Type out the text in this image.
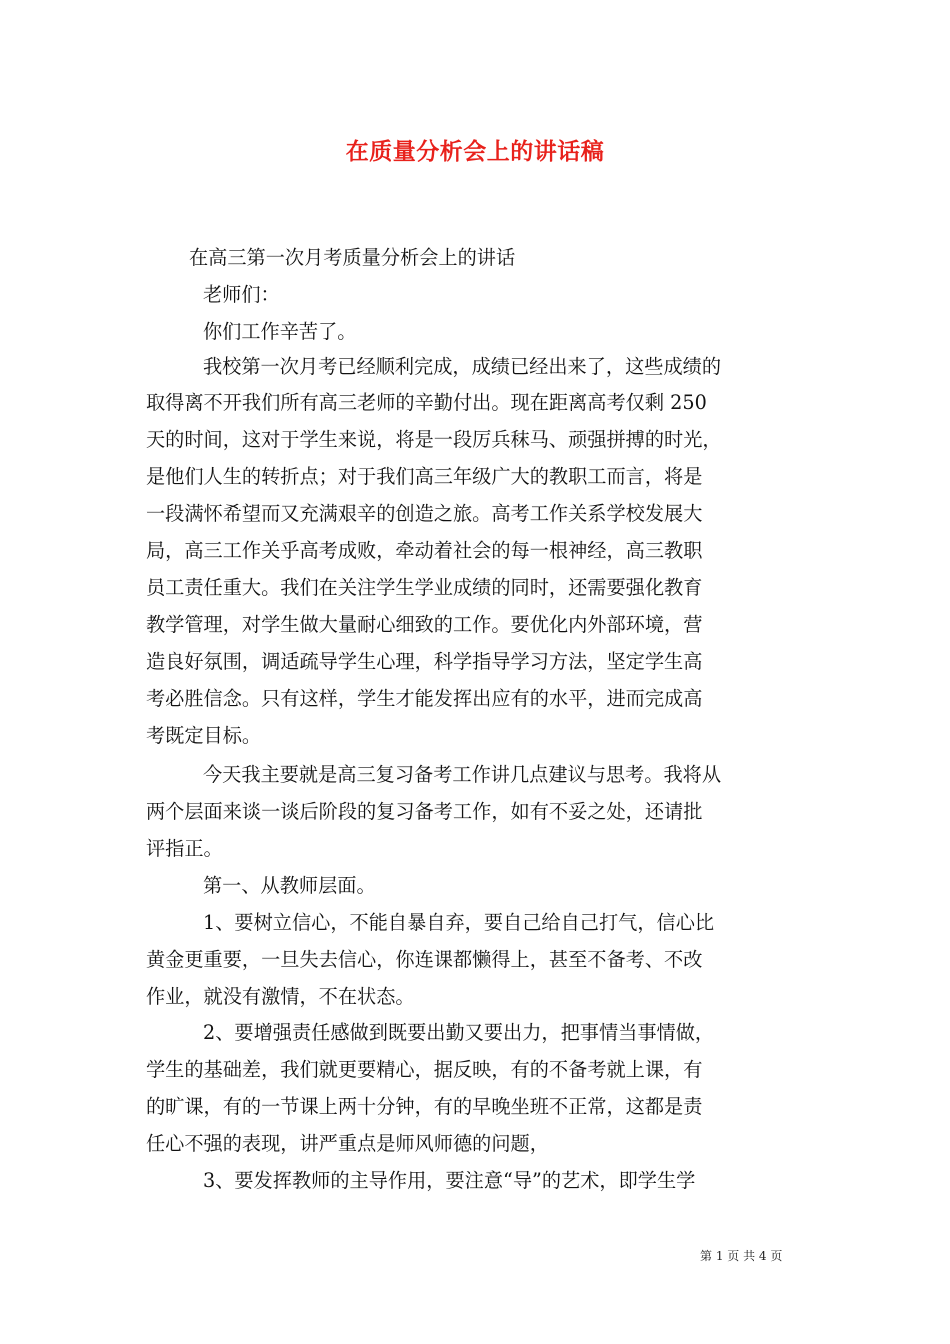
在质量分析会上的讲话稿
在高三第一次月考质量分析会上的讲话
老师们：
你们工作辛苦了。
我校第一次月考已经顺利完成，成绩已经出来了，这些成绩的
取得离不开我们所有高三老师的辛勤付出。现在距离高考仅剩 250
天的时间，这对于学生来说，将是一段厉兵秣马、顽强拼搏的时光，
是他们人生的转折点；对于我们高三年级广大的教职工而言，将是
一段满怀希望而又充满艰辛的创造之旅。高考工作关系学校发展大
局，高三工作关乎高考成败，牵动着社会的每一根神经，高三教职
员工责任重大。我们在关注学生学业成绩的同时，还需要强化教育
教学管理，对学生做大量耐心细致的工作。要优化内外部环境，营
造良好氛围，调适疏导学生心理，科学指导学习方法，坚定学生高
考必胜信念。只有这样，学生才能发挥出应有的水平，进而完成高
考既定目标。
今天我主要就是高三复习备考工作讲几点建议与思考。我将从
两个层面来谈一谈后阶段的复习备考工作，如有不妥之处，还请批
评指正。
第一、从教师层面。
1、要树立信心，不能自暴自弃，要自己给自己打气，信心比
黄金更重要，一旦失去信心，你连课都懒得上，甚至不备考、不改
作业，就没有激情，不在状态。
2、要增强责任感做到既要出勤又要出力，把事情当事情做，
学生的基础差，我们就更要精心，据反映，有的不备考就上课，有
的旷课，有的一节课上两十分钟，有的早晚坐班不正常，这都是责
任心不强的表现，讲严重点是师风师德的问题，
3、要发挥教师的主导作用，要注意“导”的艺术，即学生学
第 1 页 共 4 页
